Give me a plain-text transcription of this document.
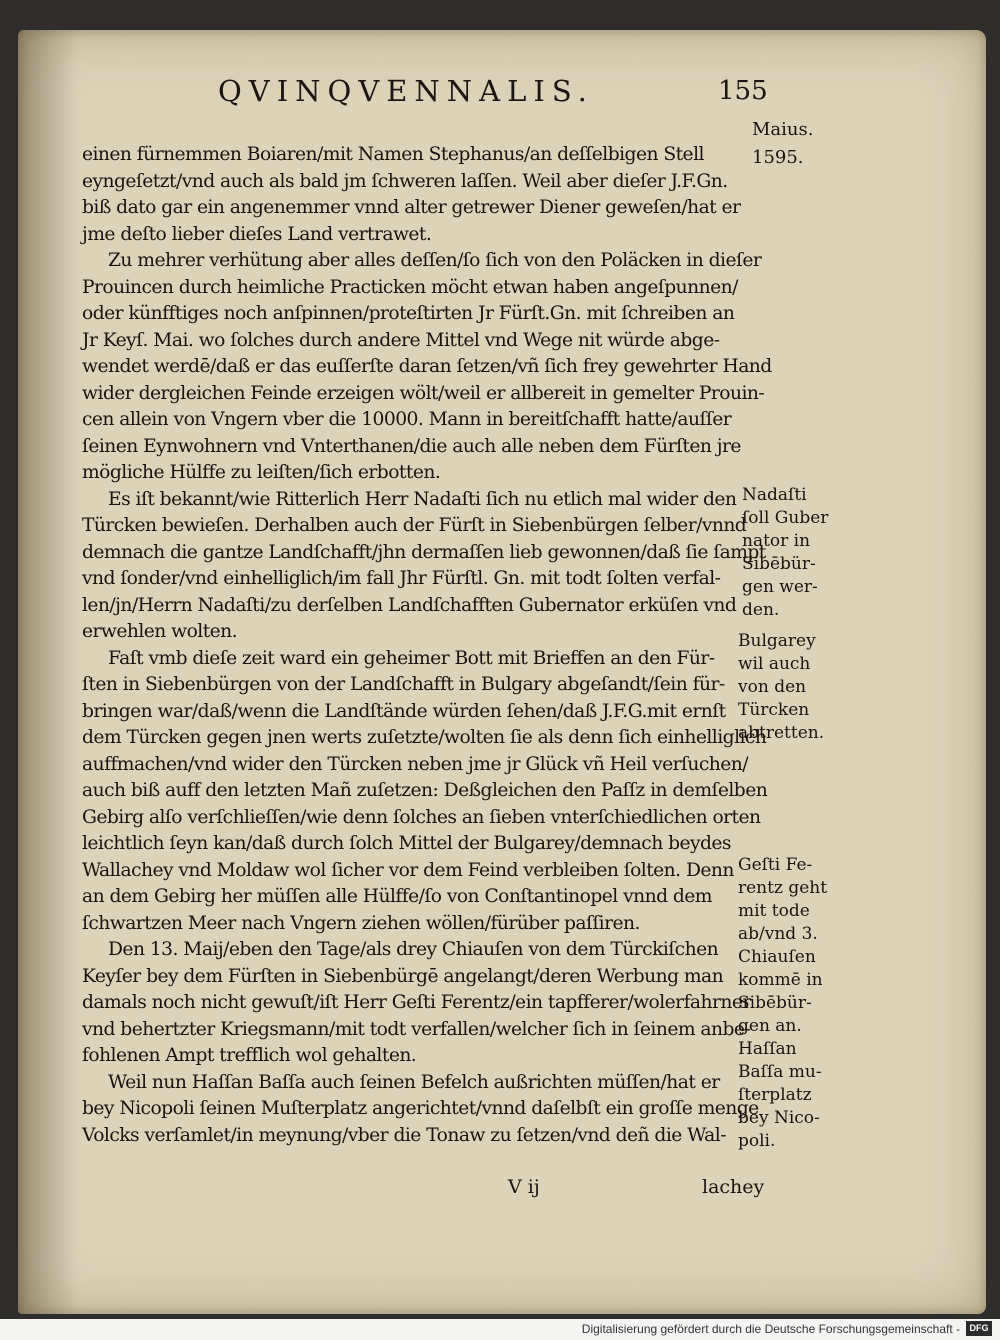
QVINQVENNALIS.	155
einen fürnemmen Boiaren/mit Namen Stephanus/an deſſelbigen Stell
eyngeſetzt/vnd auch als bald jm ſchweren laſſen. Weil aber dieſer J.F.Gn.
biß dato gar ein angenemmer vnnd alter getrewer Diener geweſen/hat er
jme deſto lieber dieſes Land vertrawet.
Zu mehrer verhütung aber alles deſſen/ſo ſich von den Poläcken in dieſer
Prouincen durch heimliche Practicken möcht etwan haben angeſpunnen/
oder künfftiges noch anſpinnen/proteſtirten Jr Fürſt.Gn. mit ſchreiben an
Jr Keyſ. Mai. wo ſolches durch andere Mittel vnd Wege nit würde abge-
wendet werdē/daß er das euſſerſte daran ſetzen/vñ ſich frey gewehrter Hand
wider dergleichen Feinde erzeigen wölt/weil er allbereit in gemelter Prouin-
cen allein von Vngern vber die 10000. Mann in bereitſchafft hatte/auſſer
ſeinen Eynwohnern vnd Vnterthanen/die auch alle neben dem Fürſten jre
mögliche Hülffe zu leiſten/ſich erbotten.
Es iſt bekannt/wie Ritterlich Herr Nadaſti ſich nu etlich mal wider den
Türcken bewieſen. Derhalben auch der Fürſt in Siebenbürgen ſelber/vnnd
demnach die gantze Landſchafft/jhn dermaſſen lieb gewonnen/daß ſie ſampt
vnd ſonder/vnd einhelliglich/im fall Jhr Fürſtl. Gn. mit todt ſolten verfal-
len/jn/Herrn Nadaſti/zu derſelben Landſchafften Gubernator erküſen vnd
erwehlen wolten.
Faſt vmb dieſe zeit ward ein geheimer Bott mit Brieffen an den Für-
ſten in Siebenbürgen von der Landſchafft in Bulgary abgeſandt/ſein für-
bringen war/daß/wenn die Landſtände würden ſehen/daß J.F.G.mit ernſt
dem Türcken gegen jnen werts zuſetzte/wolten ſie als denn ſich einhelliglich
auffmachen/vnd wider den Türcken neben jme jr Glück vñ Heil verſuchen/
auch biß auff den letzten Mañ zuſetzen: Deßgleichen den Paſſz in demſelben
Gebirg alſo verſchlieſſen/wie denn ſolches an ſieben vnterſchiedlichen orten
leichtlich ſeyn kan/daß durch ſolch Mittel der Bulgarey/demnach beydes
Wallachey vnd Moldaw wol ſicher vor dem Feind verbleiben ſolten. Denn
an dem Gebirg her müſſen alle Hülffe/ſo von Conſtantinopel vnnd dem
ſchwartzen Meer nach Vngern ziehen wöllen/fürüber paſſiren.
Den 13. Maij/eben den Tage/als drey Chiauſen von dem Türckiſchen
Keyſer bey dem Fürſten in Siebenbürgē angelangt/deren Werbung man
damals noch nicht gewuſt/iſt Herr Geſti Ferentz/ein tapfferer/wolerfahrner
vnd behertzter Kriegsmann/mit todt verfallen/welcher ſich in ſeinem anbe-
fohlenen Ampt trefflich wol gehalten.
Weil nun Haſſan Baſſa auch ſeinen Befelch außrichten müſſen/hat er
bey Nicopoli ſeinen Muſterplatz angerichtet/vnnd daſelbſt ein groſſe menge
Volcks verſamlet/in meynung/vber die Tonaw zu ſetzen/vnd deñ die Wal-
Maius.
1595.
Nadaſti
ſoll Guber
nator in
Sibēbür-
gen wer-
den.
Bulgarey
wil auch
von den
Türcken
abtretten.
Geſti Fe-
rentz geht
mit tode
ab/vnd 3.
Chiauſen
kommē in
Sibēbür-
gen an.
Haſſan
Baſſa mu-
ſterplatz
bey Nico-
poli.
V ij	lachey
Digitalisierung gefördert durch die Deutsche Forschungsgemeinschaft -	DFG
